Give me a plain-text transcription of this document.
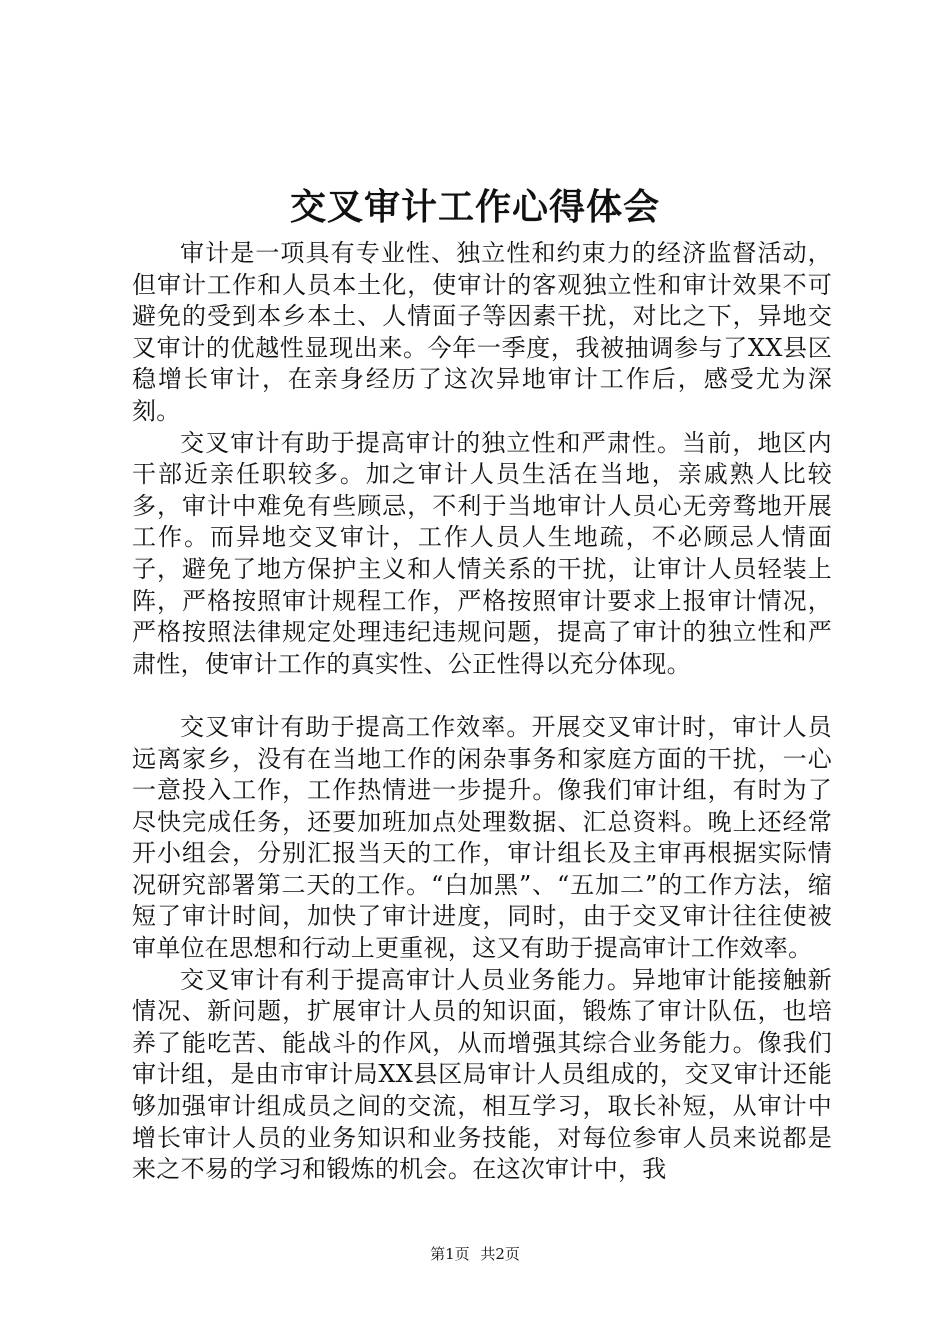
交叉审计工作心得体会

审计是一项具有专业性、独立性和约束力的经济监督活动，但审计工作和人员本土化，使审计的客观独立性和审计效果不可避免的受到本乡本土、人情面子等因素干扰，对比之下，异地交叉审计的优越性显现出来。今年一季度，我被抽调参与了XX县区稳增长审计，在亲身经历了这次异地审计工作后，感受尤为深刻。

交叉审计有助于提高审计的独立性和严肃性。当前，地区内干部近亲任职较多。加之审计人员生活在当地，亲戚熟人比较多，审计中难免有些顾忌，不利于当地审计人员心无旁骛地开展工作。而异地交叉审计，工作人员人生地疏，不必顾忌人情面子，避免了地方保护主义和人情关系的干扰，让审计人员轻装上阵，严格按照审计规程工作，严格按照审计要求上报审计情况，严格按照法律规定处理违纪违规问题，提高了审计的独立性和严肃性，使审计工作的真实性、公正性得以充分体现。

交叉审计有助于提高工作效率。开展交叉审计时，审计人员远离家乡，没有在当地工作的闲杂事务和家庭方面的干扰，一心一意投入工作，工作热情进一步提升。像我们审计组，有时为了尽快完成任务，还要加班加点处理数据、汇总资料。晚上还经常开小组会，分别汇报当天的工作，审计组长及主审再根据实际情况研究部署第二天的工作。“白加黑”、“五加二”的工作方法，缩短了审计时间，加快了审计进度，同时，由于交叉审计往往使被审单位在思想和行动上更重视，这又有助于提高审计工作效率。

交叉审计有利于提高审计人员业务能力。异地审计能接触新情况、新问题，扩展审计人员的知识面，锻炼了审计队伍，也培养了能吃苦、能战斗的作风，从而增强其综合业务能力。像我们审计组，是由市审计局XX县区局审计人员组成的，交叉审计还能够加强审计组成员之间的交流，相互学习，取长补短，从审计中增长审计人员的业务知识和业务技能，对每位参审人员来说都是来之不易的学习和锻炼的机会。在这次审计中，我

第1页 共2页
